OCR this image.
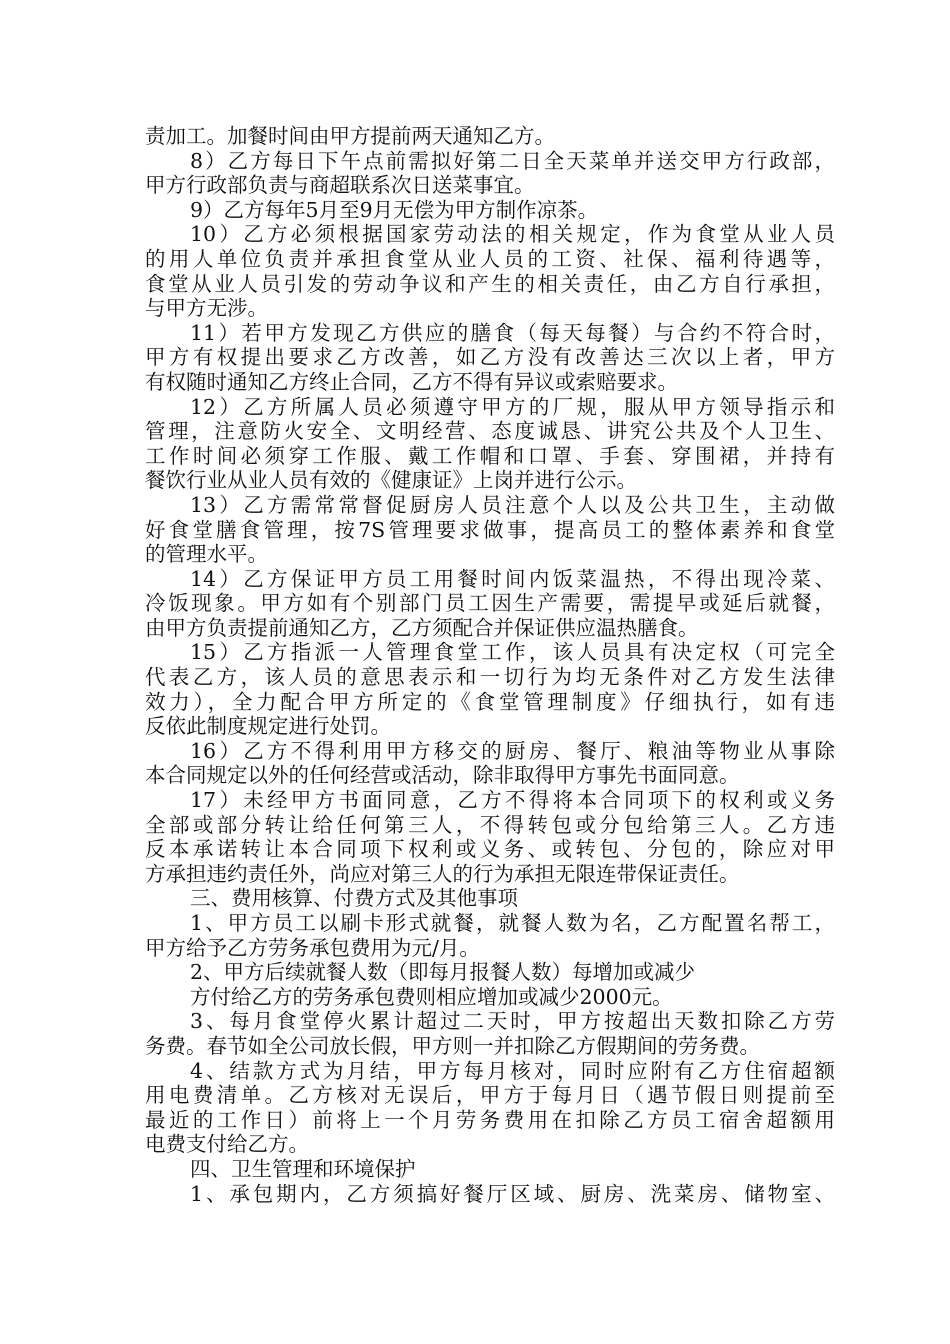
责加工。加餐时间由甲方提前两天通知乙方。
8）乙方每日下午点前需拟好第二日全天菜单并送交甲方行政部，
甲方行政部负责与商超联系次日送菜事宜。
9）乙方每年5月至9月无偿为甲方制作凉茶。
10）乙方必须根据国家劳动法的相关规定，作为食堂从业人员
的用人单位负责并承担食堂从业人员的工资、社保、福利待遇等，
食堂从业人员引发的劳动争议和产生的相关责任，由乙方自行承担，
与甲方无涉。
11）若甲方发现乙方供应的膳食（每天每餐）与合约不符合时，
甲方有权提出要求乙方改善，如乙方没有改善达三次以上者，甲方
有权随时通知乙方终止合同，乙方不得有异议或索赔要求。
12）乙方所属人员必须遵守甲方的厂规，服从甲方领导指示和
管理，注意防火安全、文明经营、态度诚恳、讲究公共及个人卫生、
工作时间必须穿工作服、戴工作帽和口罩、手套、穿围裙，并持有
餐饮行业从业人员有效的《健康证》上岗并进行公示。
13）乙方需常常督促厨房人员注意个人以及公共卫生，主动做
好食堂膳食管理，按7S管理要求做事，提高员工的整体素养和食堂
的管理水平。
14）乙方保证甲方员工用餐时间内饭菜温热，不得出现冷菜、
冷饭现象。甲方如有个别部门员工因生产需要，需提早或延后就餐，
由甲方负责提前通知乙方，乙方须配合并保证供应温热膳食。
15）乙方指派一人管理食堂工作，该人员具有决定权（可完全
代表乙方，该人员的意思表示和一切行为均无条件对乙方发生法律
效力），全力配合甲方所定的《食堂管理制度》仔细执行，如有违
反依此制度规定进行处罚。
16）乙方不得利用甲方移交的厨房、餐厅、粮油等物业从事除
本合同规定以外的任何经营或活动，除非取得甲方事先书面同意。
17）未经甲方书面同意，乙方不得将本合同项下的权利或义务
全部或部分转让给任何第三人，不得转包或分包给第三人。乙方违
反本承诺转让本合同项下权利或义务、或转包、分包的，除应对甲
方承担违约责任外，尚应对第三人的行为承担无限连带保证责任。
三、费用核算、付费方式及其他事项
1、甲方员工以刷卡形式就餐，就餐人数为名，乙方配置名帮工，
甲方给予乙方劳务承包费用为元/月。
2、甲方后续就餐人数（即每月报餐人数）每增加或减少
方付给乙方的劳务承包费则相应增加或减少2000元。
3、每月食堂停火累计超过二天时，甲方按超出天数扣除乙方劳
务费。春节如全公司放长假，甲方则一并扣除乙方假期间的劳务费。
4、结款方式为月结，甲方每月核对，同时应附有乙方住宿超额
用电费清单。乙方核对无误后，甲方于每月日（遇节假日则提前至
最近的工作日）前将上一个月劳务费用在扣除乙方员工宿舍超额用
电费支付给乙方。
四、卫生管理和环境保护
1、承包期内，乙方须搞好餐厅区域、厨房、洗菜房、储物室、
